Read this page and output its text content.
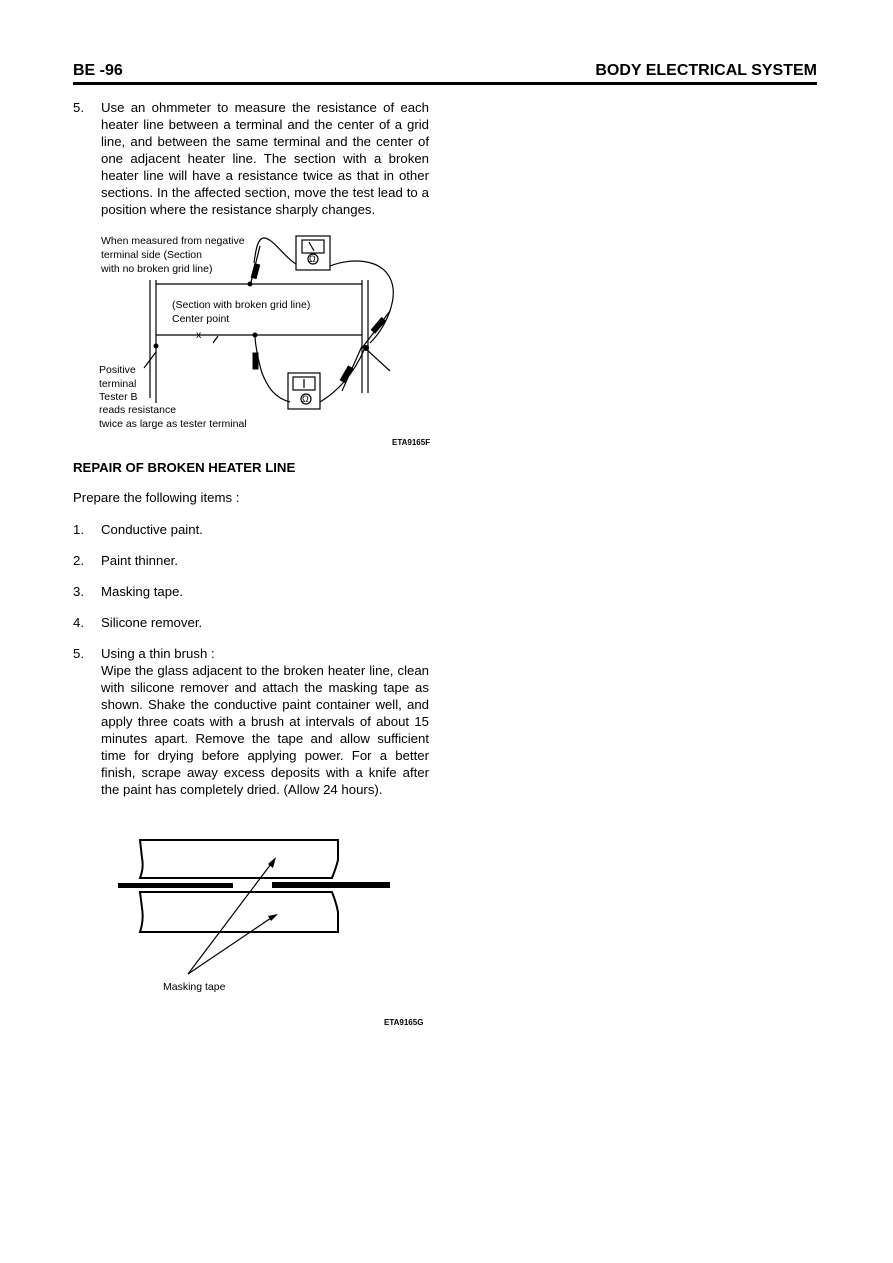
BE -96	BODY ELECTRICAL SYSTEM
5. Use an ohmmeter to measure the resistance of each heater line between a terminal and the center of a grid line, and between the same terminal and the center of one adjacent heater line. The section with a broken heater line will have a resistance twice as that in other sections. In the affected section, move the test lead to a position where the resistance sharply changes.
When measured from negative
terminal side (Section
with no broken grid line)
(Section with broken grid line)
Center point
x
Positive
terminal
Tester B
reads resistance
twice as large as tester terminal
Ω
Ω
ETA9165F
REPAIR OF BROKEN HEATER LINE
Prepare the following items :
1. Conductive paint.
2. Paint thinner.
3. Masking tape.
4. Silicone remover.
5. Using a thin brush :
Wipe the glass adjacent to the broken heater line, clean with silicone remover and attach the masking tape as shown. Shake the conductive paint container well, and apply three coats with a brush at intervals of about 15 minutes apart. Remove the tape and allow sufficient time for drying before applying power. For a better finish, scrape away excess deposits with a knife after the paint has completely dried. (Allow 24 hours).
Masking tape
ETA9165G
